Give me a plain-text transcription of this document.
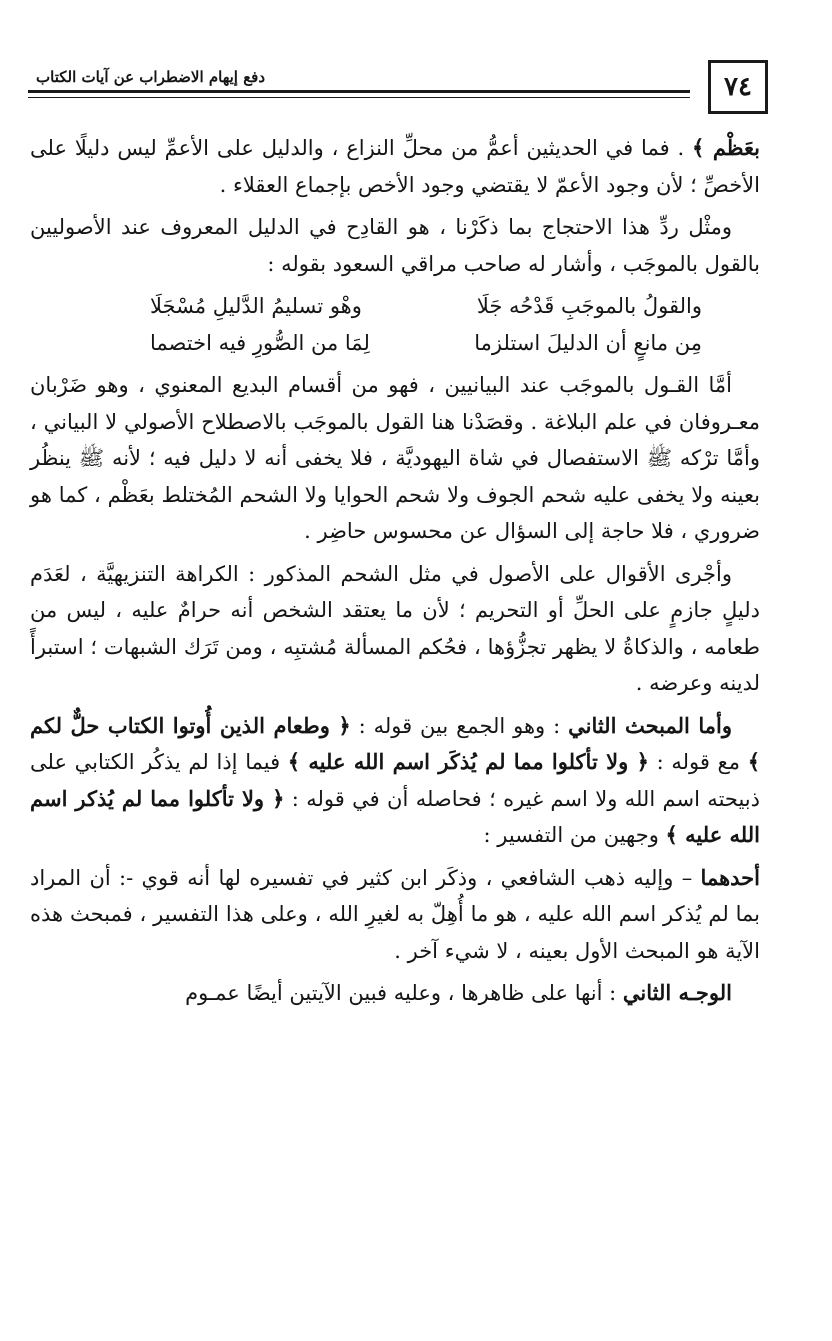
٧٤
دفع إيهام الاضطراب عن آيات الكتاب

بعَظْم ﴾ . فما في الحديثين أعمُّ من محلِّ النزاع ، والدليل على الأعمِّ ليس دليلًا على الأخصِّ ؛ لأن وجود الأعمّ لا يقتضي وجود الأخص بإجماع العقلاء .

ومثْل ردِّ هذا الاحتجاج بما ذكَرْنا ، هو القادِح في الدليل المعروف عند الأصوليين بالقول بالموجَب ، وأشار له صاحب مراقي السعود بقوله :

والقولُ بالموجَبِ قَدْحُه جَلَا
وهْو تسليمُ الدَّليلِ مُسْجَلَا
مِن مانعٍ أن الدليلَ استلزما
لِمَا من الصُّورِ فيه اختصما

أمَّا القـول بالموجَب عند البيانيين ، فهو من أقسام البديع المعنوي ، وهو ضَرْبان معـروفان في علم البلاغة . وقصَدْنا هنا القول بالموجَب بالاصطلاح الأصولي لا البياني ، وأمَّا ترْكه ﷺ الاستفصال في شاة اليهوديَّة ، فلا يخفى أنه لا دليل فيه ؛ لأنه ﷺ ينظُر بعينه ولا يخفى عليه شحم الجوف ولا شحم الحوايا ولا الشحم المُختلط بعَظْم ، كما هو ضروري ، فلا حاجة إلى السؤال عن محسوس حاضِر .

وأجْرى الأقوال على الأصول في مثل الشحم المذكور : الكراهة التنزيهيَّة ، لعَدَم دليلٍ جازمٍ على الحلِّ أو التحريم ؛ لأن ما يعتقد الشخص أنه حرامٌ عليه ، ليس من طعامه ، والذكاةُ لا يظهر تجزُّؤها ، فحُكم المسألة مُشتبِه ، ومن تَرَك الشبهات ؛ استبرأً لدينه وعرضه .

وأما المبحث الثاني : وهو الجمع بين قوله : ﴿ وطعام الذين أُوتوا الكتاب حلٌّ لكم ﴾ مع قوله : ﴿ ولا تأكلوا مما لم يُذكَر اسم الله عليه ﴾ فيما إذا لم يذكُر الكتابي على ذبيحته اسم الله ولا اسم غيره ؛ فحاصله أن في قوله : ﴿ ولا تأكلوا مما لم يُذكر اسم الله عليه ﴾ وجهين من التفسير :

أحدهما – وإليه ذهب الشافعي ، وذكَر ابن كثير في تفسيره لها أنه قوي -: أن المراد بما لم يُذكر اسم الله عليه ، هو ما أُهِلّ به لغيرِ الله ، وعلى هذا التفسير ، فمبحث هذه الآية هو المبحث الأول بعينه ، لا شيء آخر .

الوجـه الثاني : أنها على ظاهرها ، وعليه فبين الآيتين أيضًا عمـوم
